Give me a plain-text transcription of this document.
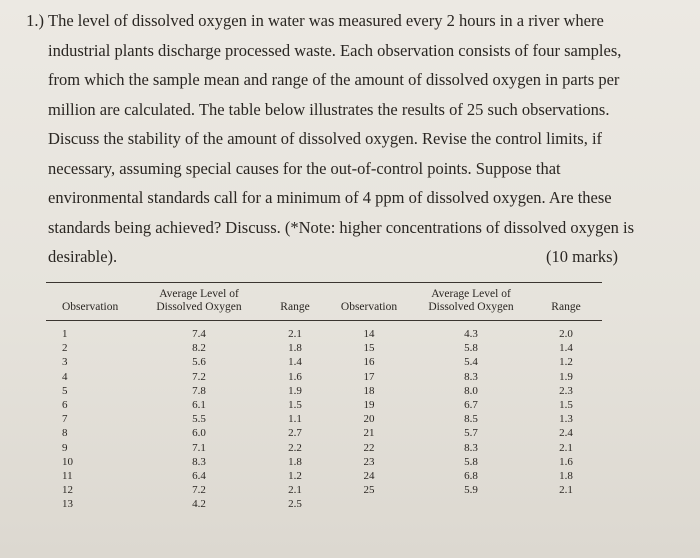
1.) The level of dissolved oxygen in water was measured every 2 hours in a river where
industrial plants discharge processed waste. Each observation consists of four samples,
from which the sample mean and range of the amount of dissolved oxygen in parts per
million are calculated. The table below illustrates the results of 25 such observations.
Discuss the stability of the amount of dissolved oxygen. Revise the control limits, if
necessary, assuming special causes for the out-of-control points. Suppose that
environmental standards call for a minimum of 4 ppm of dissolved oxygen. Are these
standards being achieved? Discuss. (*Note: higher concentrations of dissolved oxygen is
desirable).	(10 marks)
Observation	Average Level of
Dissolved Oxygen	Range	Observation	Average Level of
Dissolved Oxygen	Range
1	7.4	2.1	14	4.3	2.0
2	8.2	1.8	15	5.8	1.4
3	5.6	1.4	16	5.4	1.2
4	7.2	1.6	17	8.3	1.9
5	7.8	1.9	18	8.0	2.3
6	6.1	1.5	19	6.7	1.5
7	5.5	1.1	20	8.5	1.3
8	6.0	2.7	21	5.7	2.4
9	7.1	2.2	22	8.3	2.1
10	8.3	1.8	23	5.8	1.6
11	6.4	1.2	24	6.8	1.8
12	7.2	2.1	25	5.9	2.1
13	4.2	2.5			
